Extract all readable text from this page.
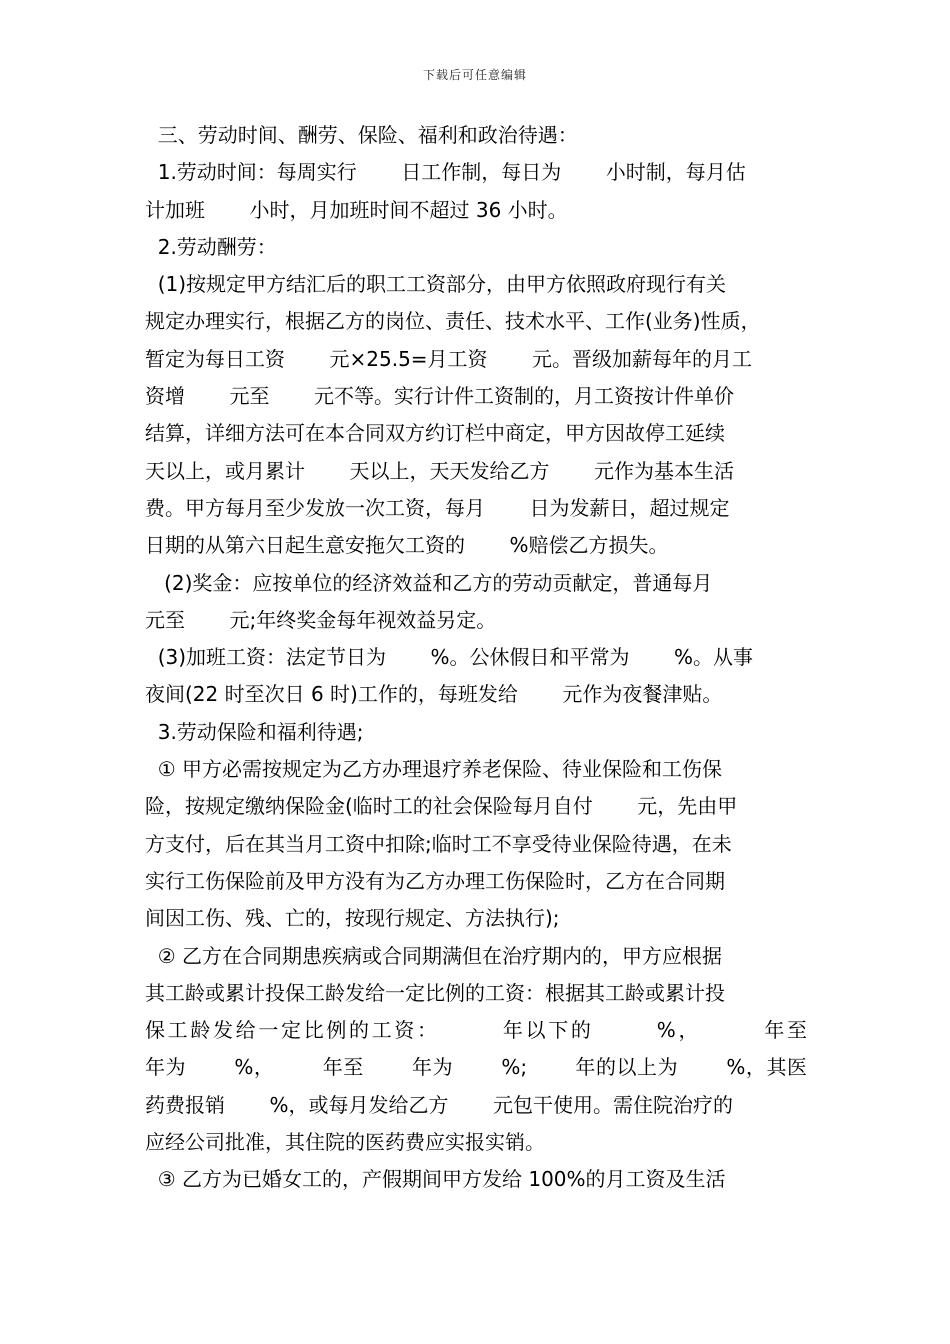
下载后可任意编辑
三、劳动时间、酬劳、保险、福利和政治待遇：
1.劳动时间：每周实行       日工作制，每日为       小时制，每月估
计加班       小时，月加班时间不超过 36 小时。
2.劳动酬劳：
(1)按规定甲方结汇后的职工工资部分，由甲方依照政府现行有关
规定办理实行，根据乙方的岗位、责任、技术水平、工作(业务)性质，
暂定为每日工资       元×25.5=月工资       元。晋级加薪每年的月工
资增       元至       元不等。实行计件工资制的，月工资按计件单价
结算，详细方法可在本合同双方约订栏中商定，甲方因故停工延续
天以上，或月累计       天以上，天天发给乙方       元作为基本生活
费。甲方每月至少发放一次工资，每月       日为发薪日，超过规定
日期的从第六日起生意安拖欠工资的       %赔偿乙方损失。
(2)奖金：应按单位的经济效益和乙方的劳动贡献定，普通每月
元至       元;年终奖金每年视效益另定。
(3)加班工资：法定节日为       %。公休假日和平常为       %。从事
夜间(22 时至次日 6 时)工作的，每班发给       元作为夜餐津贴。
3.劳动保险和福利待遇;
① 甲方必需按规定为乙方办理退疗养老保险、待业保险和工伤保
险，按规定缴纳保险金(临时工的社会保险每月自付       元，先由甲
方支付，后在其当月工资中扣除;临时工不享受待业保险待遇，在未
实行工伤保险前及甲方没有为乙方办理工伤保险时，乙方在合同期
间因工伤、残、亡的，按现行规定、方法执行);
② 乙方在合同期患疾病或合同期满但在治疗期内的，甲方应根据
其工龄或累计投保工龄发给一定比例的工资：根据其工龄或累计投
保工龄发给一定比例的工资：       年以下的       %，       年至
年为       %，       年至       年为       %;       年的以上为       %，其医
药费报销       %，或每月发给乙方       元包干使用。需住院治疗的
应经公司批准，其住院的医药费应实报实销。
③ 乙方为已婚女工的，产假期间甲方发给 100%的月工资及生活
